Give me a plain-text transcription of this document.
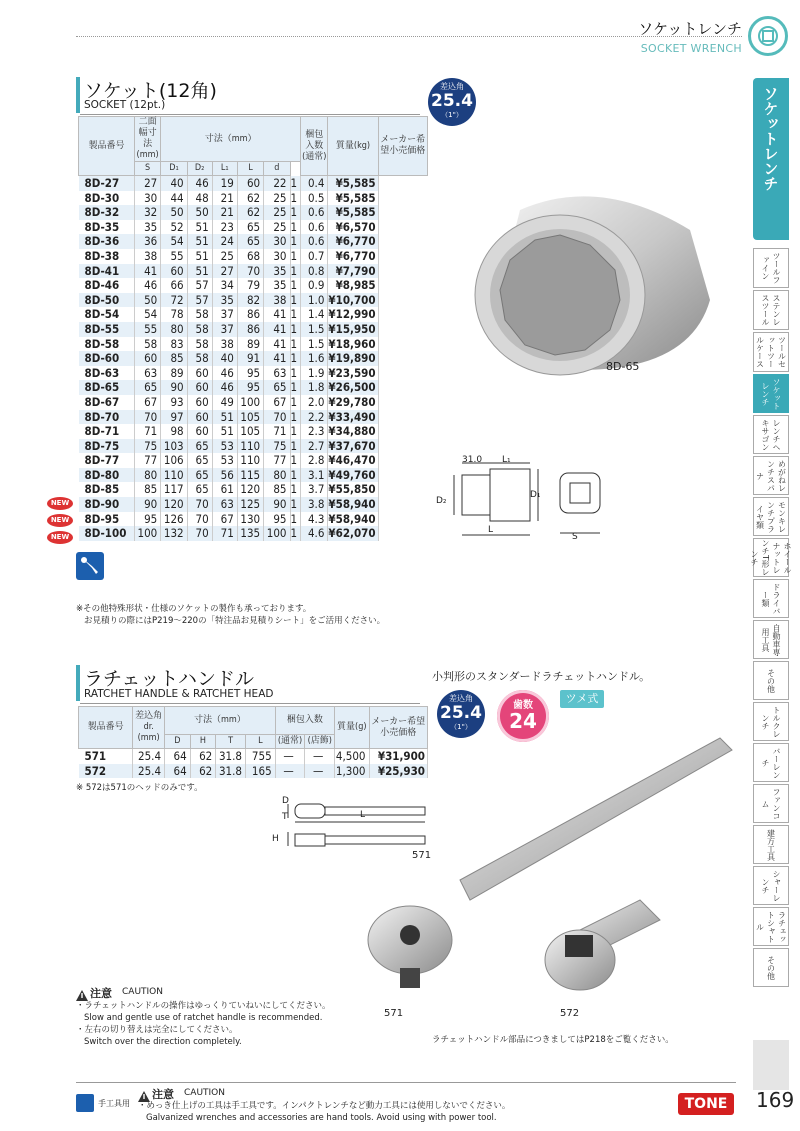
ソケットレンチ
SOCKET WRENCH
ソケットレンチ
ツールファイン
ステンレスツール
ツールセットツールケース
ソケットレンチ
レンチヘキサゴン
めがねレンチスパナ
モンキレンチプライヤ類
ホイールナットレンチT形レンチ
ドライバー類
自動車専用工具
その他
トルクレンチ
バーレンチ
ファンコム
建方工具
シャーレンチ
ラチェットシャトル
その他
ソケット(12角)
SOCKET (12pt.)
差込角
25.4
（1"）
製品番号	二面幅寸法(mm)	寸法（mm）						梱包入数(通常)	質量(kg)	メーカー希望小売価格
	S	D₁	D₂	L₁	L	d				
8D-27	27	40	46	19	60	22	1	0.4	¥5,585	
8D-30	30	44	48	21	62	25	1	0.5	¥5,585	
8D-32	32	50	50	21	62	25	1	0.6	¥5,585	
8D-35	35	52	51	23	65	25	1	0.6	¥6,570	
8D-36	36	54	51	24	65	30	1	0.6	¥6,770	
8D-38	38	55	51	25	68	30	1	0.7	¥6,770	
8D-41	41	60	51	27	70	35	1	0.8	¥7,790	
8D-46	46	66	57	34	79	35	1	0.9	¥8,985	
8D-50	50	72	57	35	82	38	1	1.0	¥10,700	
8D-54	54	78	58	37	86	41	1	1.4	¥12,990	
8D-55	55	80	58	37	86	41	1	1.5	¥15,950	
8D-58	58	83	58	38	89	41	1	1.5	¥18,960	
8D-60	60	85	58	40	91	41	1	1.6	¥19,890	
8D-63	63	89	60	46	95	63	1	1.9	¥23,590	
8D-65	65	90	60	46	95	65	1	1.8	¥26,500	
8D-67	67	93	60	49	100	67	1	2.0	¥29,780	
8D-70	70	97	60	51	105	70	1	2.2	¥33,490	
8D-71	71	98	60	51	105	71	1	2.3	¥34,880	
8D-75	75	103	65	53	110	75	1	2.7	¥37,670	
8D-77	77	106	65	53	110	77	1	2.8	¥46,470	
8D-80	80	110	65	56	115	80	1	3.1	¥49,760	
8D-85	85	117	65	61	120	85	1	3.7	¥55,850	
8D-90	90	120	70	63	125	90	1	3.8	¥58,940	
8D-95	95	126	70	67	130	95	1	4.3	¥58,940	
8D-100	100	132	70	71	135	100	1	4.6	¥62,070	
NEW
NEW
NEW
8D-65
31.0 L₁
D₂
D₁
L
S
※その他特殊形状・仕様のソケットの製作も承っております。
お見積りの際にはP219～220の「特注品お見積りシート」をご活用ください。
ラチェットハンドル
RATCHET HANDLE & RATCHET HEAD
小判形のスタンダードラチェットハンドル。
差込角
25.4
（1"）
歯数
24
ツメ式
製品番号	差込角dr.(mm)	寸法（mm）				梱包入数		質量(g)	メーカー希望小売価格
		D	H	T	L	(通常)	(店飾)		
571	25.4	64	62	31.8	755	—	—	4,500	¥31,900
572	25.4	64	62	31.8	165	—	—	1,300	¥25,930
※ 572は571のヘッドのみです。
D
T	L
H
571
571	572
ラチェットハンドル部品につきましてはP218をご覧ください。
注意 CAUTION
・ラチェットハンドルの操作はゆっくりていねいにしてください。
Slow and gentle use of ratchet handle is recommended.
・左右の切り替えは完全にしてください。
Switch over the direction completely.
手工具用
注意 CAUTION
・めっき仕上げの工具は手工具です。インパクトレンチなど動力工具には使用しないでください。
Galvanized wrenches and accessories are hand tools. Avoid using with power tool.
TONE	169
